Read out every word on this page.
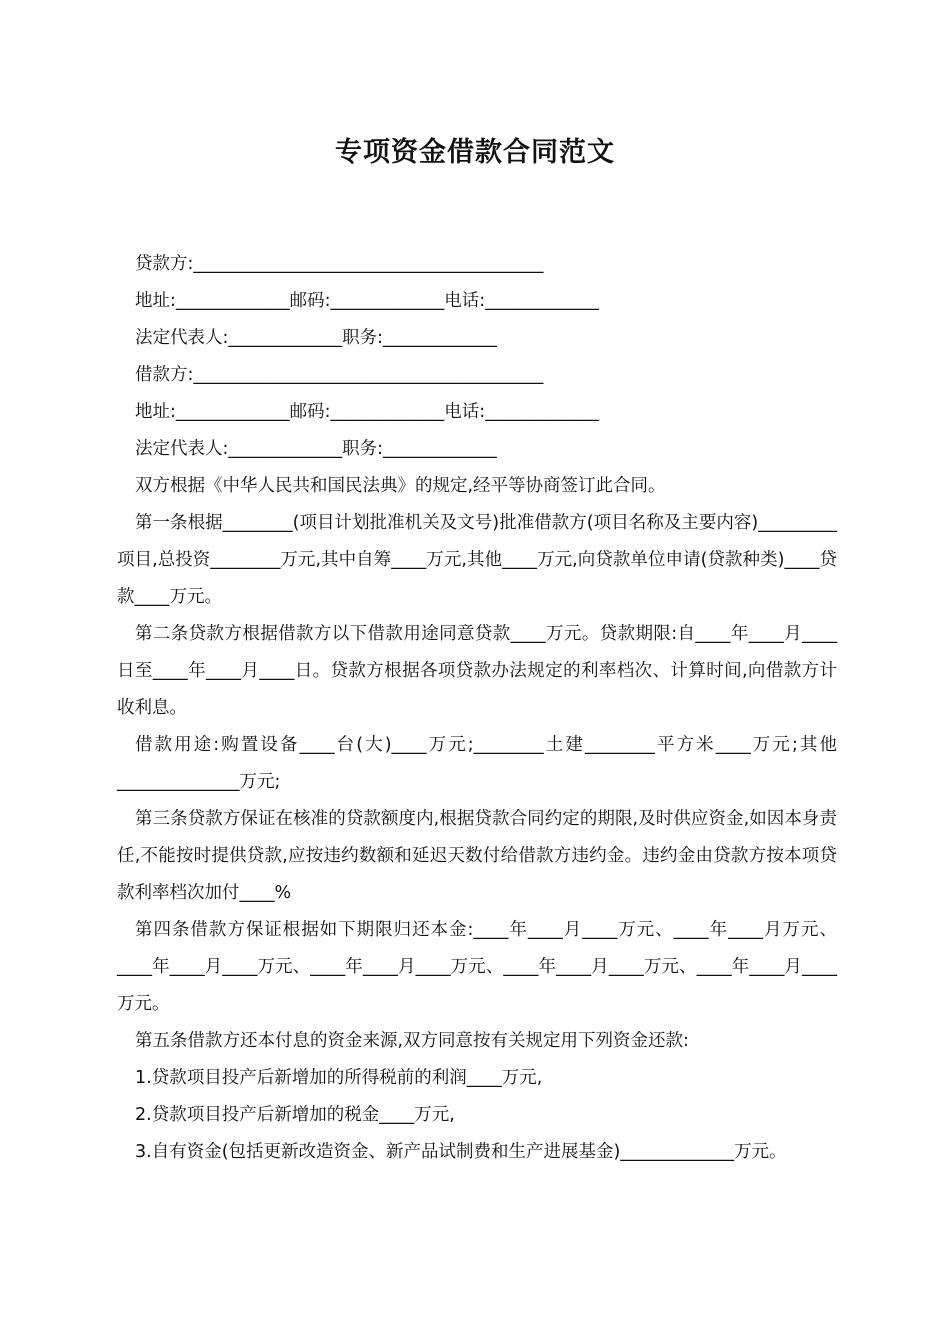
专项资金借款合同范文
贷款方:________________________________________
地址:_____________邮码:_____________电话:_____________
法定代表人:_____________职务:_____________
借款方:________________________________________
地址:_____________邮码:_____________电话:_____________
法定代表人:_____________职务:_____________
双方根据《中华人民共和国民法典》的规定,经平等协商签订此合同。
第一条根据________(项目计划批准机关及文号)批准借款方(项目名称及主要内容)_________项目,总投资________万元,其中自筹____万元,其他____万元,向贷款单位申请(贷款种类)____贷款____万元。
第二条贷款方根据借款方以下借款用途同意贷款____万元。贷款期限:自____年____月____日至____年____月____日。贷款方根据各项贷款办法规定的利率档次、计算时间,向借款方计收利息。
借款用途:购置设备____台(大)____万元;________土建________平方米____万元;其他______________万元;
第三条贷款方保证在核准的贷款额度内,根据贷款合同约定的期限,及时供应资金,如因本身责任,不能按时提供贷款,应按违约数额和延迟天数付给借款方违约金。违约金由贷款方按本项贷款利率档次加付____%
第四条借款方保证根据如下期限归还本金:____年____月____万元、____年____月万元、____年____月____万元、____年____月____万元、____年____月____万元、____年____月____万元。
第五条借款方还本付息的资金来源,双方同意按有关规定用下列资金还款:
1.贷款项目投产后新增加的所得税前的利润____万元,
2.贷款项目投产后新增加的税金____万元,
3.自有资金(包括更新改造资金、新产品试制费和生产进展基金)_____________万元。
